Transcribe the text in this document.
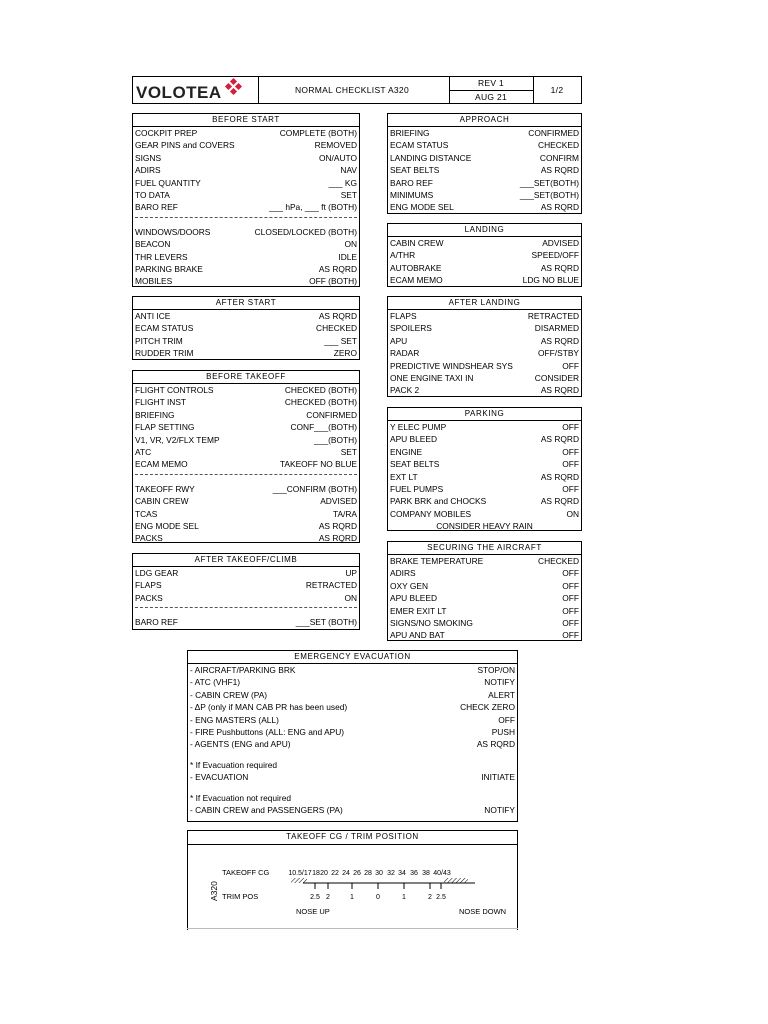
VOLOTEA	NORMAL CHECKLIST A320
REV 1
AUG 21
1/2
BEFORE START
COCKPIT PREP	COMPLETE (BOTH)
GEAR PINS and COVERS	REMOVED
SIGNS	ON/AUTO
ADIRS	NAV
FUEL QUANTITY	___ KG
TO DATA	SET
BARO REF	___ hPa, ___ ft (BOTH)
WINDOWS/DOORS	CLOSED/LOCKED (BOTH)
BEACON	ON
THR LEVERS	IDLE
PARKING BRAKE	AS RQRD
MOBILES	OFF (BOTH)
AFTER START
ANTI ICE	AS RQRD
ECAM STATUS	CHECKED
PITCH TRIM	___ SET
RUDDER TRIM	ZERO
BEFORE TAKEOFF
FLIGHT CONTROLS	CHECKED (BOTH)
FLIGHT INST	CHECKED (BOTH)
BRIEFING	CONFIRMED
FLAP SETTING	CONF___(BOTH)
V1, VR, V2/FLX TEMP	___(BOTH)
ATC	SET
ECAM MEMO	TAKEOFF NO BLUE
TAKEOFF RWY	___CONFIRM (BOTH)
CABIN CREW	ADVISED
TCAS	TA/RA
ENG MODE SEL	AS RQRD
PACKS	AS RQRD
AFTER TAKEOFF/CLIMB
LDG GEAR	UP
FLAPS	RETRACTED
PACKS	ON
BARO REF	___SET (BOTH)
APPROACH
BRIEFING	CONFIRMED
ECAM STATUS	CHECKED
LANDING DISTANCE	CONFIRM
SEAT BELTS	AS RQRD
BARO REF	___SET(BOTH)
MINIMUMS	___SET(BOTH)
ENG MODE SEL	AS RQRD
LANDING
CABIN CREW	ADVISED
A/THR	SPEED/OFF
AUTOBRAKE	AS RQRD
ECAM MEMO	LDG NO BLUE
AFTER LANDING
FLAPS	RETRACTED
SPOILERS	DISARMED
APU	AS RQRD
RADAR	OFF/STBY
PREDICTIVE WINDSHEAR SYS	OFF
ONE ENGINE TAXI IN	CONSIDER
PACK 2	AS RQRD
PARKING
Y ELEC PUMP	OFF
APU BLEED	AS RQRD
ENGINE	OFF
SEAT BELTS	OFF
EXT LT	AS RQRD
FUEL PUMPS	OFF
PARK BRK and CHOCKS	AS RQRD
COMPANY MOBILES	ON
CONSIDER HEAVY RAIN
SECURING THE AIRCRAFT
BRAKE TEMPERATURE	CHECKED
ADIRS	OFF
OXY GEN	OFF
APU BLEED	OFF
EMER EXIT LT	OFF
SIGNS/NO SMOKING	OFF
APU AND BAT	OFF
EMERGENCY EVACUATION
- AIRCRAFT/PARKING BRK	STOP/ON
- ATC (VHF1)	NOTIFY
- CABIN CREW (PA)	ALERT
- ΔP (only if MAN CAB PR has been used)	CHECK ZERO
- ENG MASTERS (ALL)	OFF
- FIRE Pushbuttons (ALL: ENG and APU)	PUSH
- AGENTS (ENG and APU)	AS RQRD
* If Evacuation required
- EVACUATION	INITIATE
* If Evacuation not required
- CABIN CREW and PASSENGERS (PA)	NOTIFY
TAKEOFF CG / TRIM POSITION
A320
TAKEOFF CG
TRIM POS
10.5/17 18 20 22 24 26 28 30 32 34 36 38 40/43
2.5 2	1	0	1	2 2.5
NOSE UP	NOSE DOWN
